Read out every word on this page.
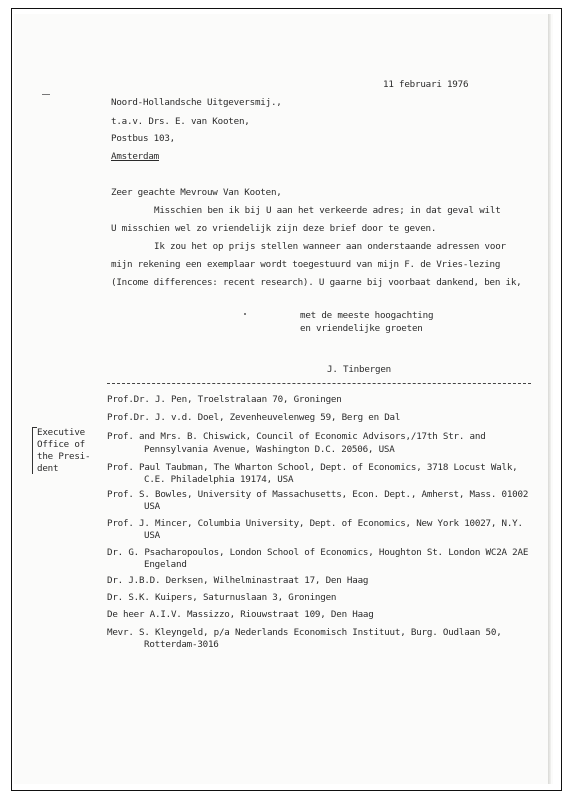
11 februari 1976
Noord-Hollandsche Uitgeversmij.,
t.a.v. Drs. E. van Kooten,
Postbus 103,
Amsterdam
Zeer geachte Mevrouw Van Kooten,
Misschien ben ik bij U aan het verkeerde adres; in dat geval wilt
U misschien wel zo vriendelijk zijn deze brief door te geven.
Ik zou het op prijs stellen wanneer aan onderstaande adressen voor
mijn rekening een exemplaar wordt toegestuurd van mijn F. de Vries-lezing
(Income differences: recent research). U gaarne bij voorbaat dankend, ben ik,
met de meeste hoogachting
en vriendelijke groeten
J. Tinbergen
Executive
Office of
the Presi-
dent
Prof.Dr. J. Pen, Troelstralaan 70, Groningen
Prof.Dr. J. v.d. Doel, Zevenheuvelenweg 59, Berg en Dal
Prof. and Mrs. B. Chiswick, Council of Economic Advisors,/17th Str. and
Pennsylvania Avenue, Washington D.C. 20506, USA
Prof. Paul Taubman, The Wharton School, Dept. of Economics, 3718 Locust Walk,
C.E. Philadelphia 19174, USA
Prof. S. Bowles, University of Massachusetts, Econ. Dept., Amherst, Mass. 01002
USA
Prof. J. Mincer, Columbia University, Dept. of Economics, New York 10027, N.Y.
USA
Dr. G. Psacharopoulos, London School of Economics, Houghton St. London WC2A 2AE
Engeland
Dr. J.B.D. Derksen, Wilhelminastraat 17, Den Haag
Dr. S.K. Kuipers, Saturnuslaan 3, Groningen
De heer A.I.V. Massizzo, Riouwstraat 109, Den Haag
Mevr. S. Kleyngeld, p/a Nederlands Economisch Instituut, Burg. Oudlaan 50,
Rotterdam-3016
